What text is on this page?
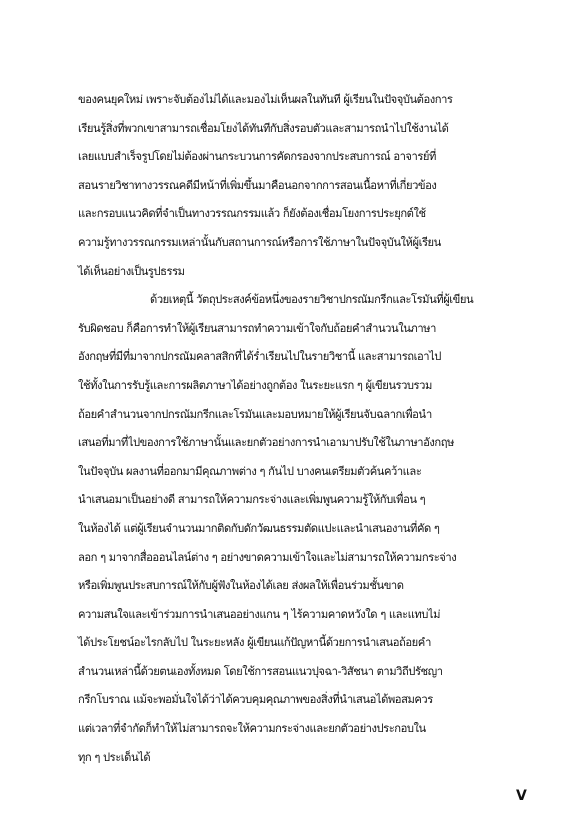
ของคนยุคใหม่ เพราะจับต้องไม่ได้และมองไม่เห็นผลในทันที ผู้เรียนในปัจจุบันต้องการ
เรียนรู้สิ่งที่พวกเขาสามารถเชื่อมโยงได้ทันทีกับสิ่งรอบตัวและสามารถนำไปใช้งานได้
เลยแบบสำเร็จรูปโดยไม่ต้องผ่านกระบวนการคัดกรองจากประสบการณ์ อาจารย์ที่
สอนรายวิชาทางวรรณคดีมีหน้าที่เพิ่มขึ้นมาคือนอกจากการสอนเนื้อหาที่เกี่ยวข้อง
และกรอบแนวคิดที่จำเป็นทางวรรณกรรมแล้ว ก็ยังต้องเชื่อมโยงการประยุกต์ใช้
ความรู้ทางวรรณกรรมเหล่านั้นกับสถานการณ์หรือการใช้ภาษาในปัจจุบันให้ผู้เรียน
ได้เห็นอย่างเป็นรูปธรรม
ด้วยเหตุนี้ วัตถุประสงค์ข้อหนึ่งของรายวิชาปกรณัมกรีกและโรมันที่ผู้เขียน
รับผิดชอบ ก็คือการทำให้ผู้เรียนสามารถทำความเข้าใจกับถ้อยคำสำนวนในภาษา
อังกฤษที่มีที่มาจากปกรณัมคลาสสิกที่ได้ร่ำเรียนไปในรายวิชานี้ และสามารถเอาไป
ใช้ทั้งในการรับรู้และการผลิตภาษาได้อย่างถูกต้อง ในระยะแรก ๆ ผู้เขียนรวบรวม
ถ้อยคำสำนวนจากปกรณัมกรีกและโรมันและมอบหมายให้ผู้เรียนจับฉลากเพื่อนำ
เสนอที่มาที่ไปของการใช้ภาษานั้นและยกตัวอย่างการนำเอามาปรับใช้ในภาษาอังกฤษ
ในปัจจุบัน ผลงานที่ออกมามีคุณภาพต่าง ๆ กันไป บางคนเตรียมตัวค้นคว้าและ
นำเสนอมาเป็นอย่างดี สามารถให้ความกระจ่างและเพิ่มพูนความรู้ให้กับเพื่อน ๆ
ในห้องได้ แต่ผู้เรียนจำนวนมากติดกับดักวัฒนธรรมตัดแปะและนำเสนองานที่คัด ๆ
ลอก ๆ มาจากสื่อออนไลน์ต่าง ๆ อย่างขาดความเข้าใจและไม่สามารถให้ความกระจ่าง
หรือเพิ่มพูนประสบการณ์ให้กับผู้ฟังในห้องได้เลย ส่งผลให้เพื่อนร่วมชั้นขาด
ความสนใจและเข้าร่วมการนำเสนออย่างแกน ๆ ไร้ความคาดหวังใด ๆ และแทบไม่
ได้ประโยชน์อะไรกลับไป ในระยะหลัง ผู้เขียนแก้ปัญหานี้ด้วยการนำเสนอถ้อยคำ
สำนวนเหล่านี้ด้วยตนเองทั้งหมด โดยใช้การสอนแนวปุจฉา-วิสัชนา ตามวิถีปรัชญา
กรีกโบราณ แม้จะพอมั่นใจได้ว่าได้ควบคุมคุณภาพของสิ่งที่นำเสนอได้พอสมควร
แต่เวลาที่จำกัดก็ทำให้ไม่สามารถจะให้ความกระจ่างและยกตัวอย่างประกอบใน
ทุก ๆ ประเด็นได้
V
